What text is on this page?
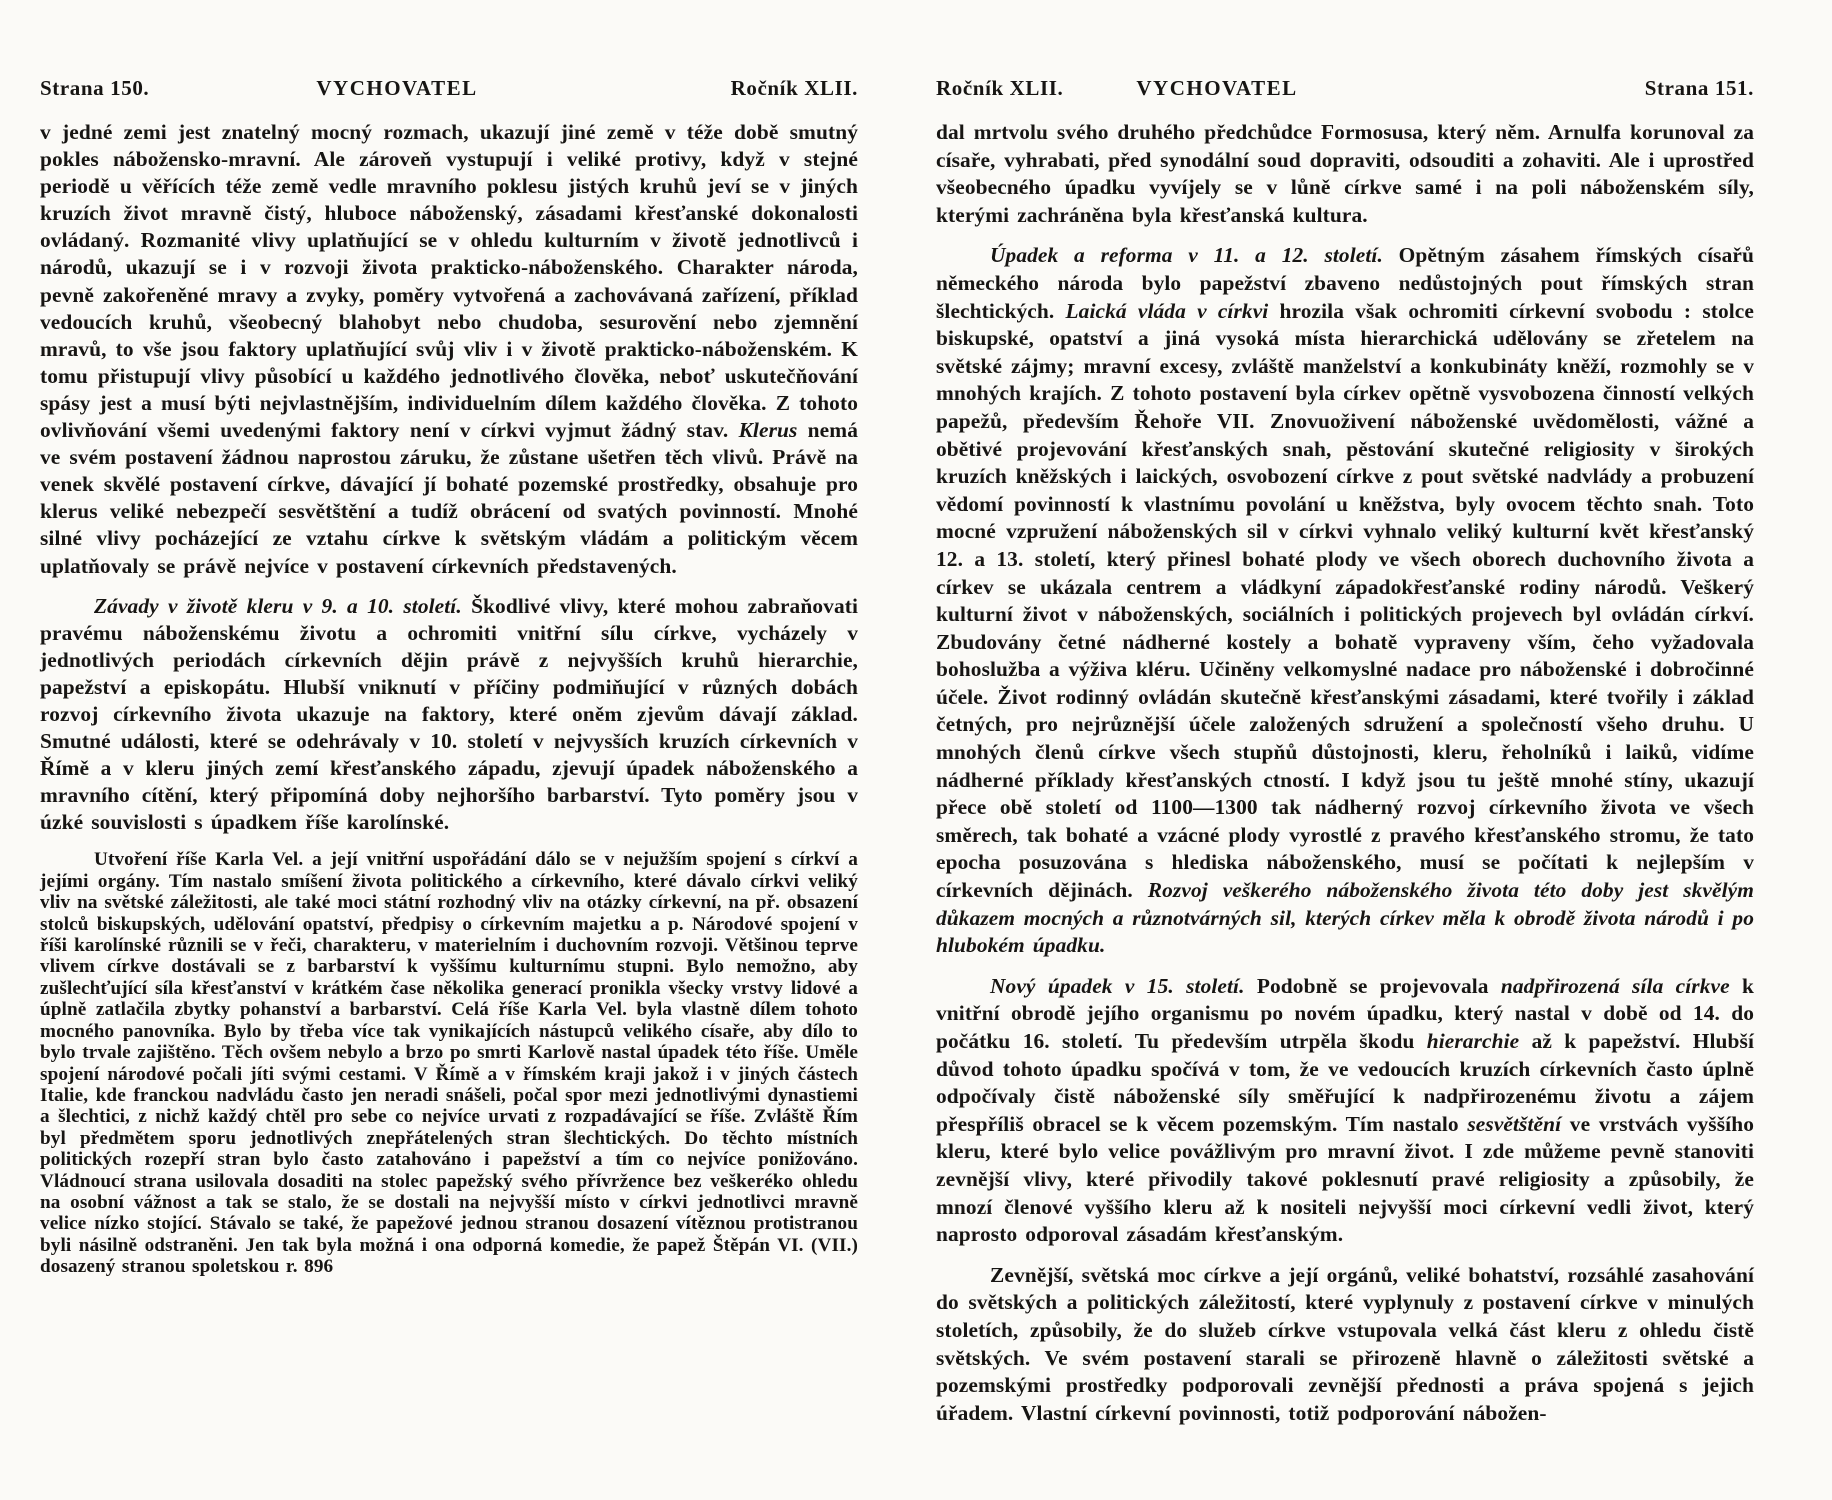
Strana 150.	VYCHOVATEL	Ročník XLII.

v jedné zemi jest znatelný mocný rozmach, ukazují jiné země v téže době smutný pokles nábožensko-mravní. Ale zároveň vystupují i veliké protivy, když v stejné periodě u věřících téže země vedle mravního poklesu jistých kruhů jeví se v jiných kruzích život mravně čistý, hluboce náboženský, zásadami křesťanské dokonalosti ovládaný. Rozmanité vlivy uplatňující se v ohledu kulturním v životě jednotlivců i národů, ukazují se i v rozvoji života prakticko-náboženského. Charakter národa, pevně zakořeněné mravy a zvyky, poměry vytvořená a zachovávaná zařízení, příklad vedoucích kruhů, všeobecný blahobyt nebo chudoba, sesurovění nebo zjemnění mravů, to vše jsou faktory uplatňující svůj vliv i v životě prakticko-náboženském. K tomu přistupují vlivy působící u každého jednotlivého člověka, neboť uskutečňování spásy jest a musí býti nejvlastnějším, individuelním dílem každého člověka. Z tohoto ovlivňování všemi uvedenými faktory není v církvi vyjmut žádný stav. Klerus nemá ve svém postavení žádnou naprostou záruku, že zůstane ušetřen těch vlivů. Právě na venek skvělé postavení církve, dávající jí bohaté pozemské prostředky, obsahuje pro klerus veliké nebezpečí sesvětštění a tudíž obrácení od svatých povinností. Mnohé silné vlivy pocházející ze vztahu církve k světským vládám a politickým věcem uplatňovaly se právě nejvíce v postavení církevních představených.

Závady v životě kleru v 9. a 10. století. Škodlivé vlivy, které mohou zabraňovati pravému náboženskému životu a ochromiti vnitřní sílu církve, vycházely v jednotlivých periodách církevních dějin právě z nejvyšších kruhů hierarchie, papežství a episkopátu. Hlubší vniknutí v příčiny podmiňující v různých dobách rozvoj církevního života ukazuje na faktory, které oněm zjevům dávají základ. Smutné události, které se odehrávaly v 10. století v nejvysších kruzích církevních v Římě a v kleru jiných zemí křesťanského západu, zjevují úpadek náboženského a mravního cítění, který připomíná doby nejhoršího barbarství. Tyto poměry jsou v úzké souvislosti s úpadkem říše karolínské.

Utvoření říše Karla Vel. a její vnitřní uspořádání dálo se v nejužším spojení s církví a jejími orgány. Tím nastalo smíšení života politického a církevního, které dávalo církvi veliký vliv na světské záležitosti, ale také moci státní rozhodný vliv na otázky církevní, na př. obsazení stolců biskupských, udělování opatství, předpisy o církevním majetku a p. Národové spojení v říši karolínské různili se v řeči, charakteru, v materielním i duchovním rozvoji. Většinou teprve vlivem církve dostávali se z barbarství k vyššímu kulturnímu stupni. Bylo nemožno, aby zušlechťující síla křesťanství v krátkém čase několika generací pronikla všecky vrstvy lidové a úplně zatlačila zbytky pohanství a barbarství. Celá říše Karla Vel. byla vlastně dílem tohoto mocného panovníka. Bylo by třeba více tak vynikajících nástupců velikého císaře, aby dílo to bylo trvale zajištěno. Těch ovšem nebylo a brzo po smrti Karlově nastal úpadek této říše. Uměle spojení národové počali jíti svými cestami. V Římě a v římském kraji jakož i v jiných částech Italie, kde franckou nadvládu často jen neradi snášeli, počal spor mezi jednotlivými dynastiemi a šlechtici, z nichž každý chtěl pro sebe co nejvíce urvati z rozpadávající se říše. Zvláště Řím byl předmětem sporu jednotlivých znepřátelených stran šlechtických. Do těchto místních politických rozepří stran bylo často zatahováno i papežství a tím co nejvíce ponižováno. Vládnoucí strana usilovala dosaditi na stolec papežský svého přívržence bez veškeréko ohledu na osobní vážnost a tak se stalo, že se dostali na nejvyšší místo v církvi jednotlivci mravně velice nízko stojící. Stávalo se také, že papežové jednou stranou dosazení vítěznou protistranou byli násilně odstraněni. Jen tak byla možná i ona odporná komedie, že papež Štěpán VI. (VII.) dosazený stranou spoletskou r. 896

Ročník XLII.	VYCHOVATEL	Strana 151.

dal mrtvolu svého druhého předchůdce Formosusa, který něm. Arnulfa korunoval za císaře, vyhrabati, před synodální soud dopraviti, odsouditi a zohaviti. Ale i uprostřed všeobecného úpadku vyvíjely se v lůně církve samé i na poli náboženském síly, kterými zachráněna byla křesťanská kultura.

Úpadek a reforma v 11. a 12. století. Opětným zásahem římských císařů německého národa bylo papežství zbaveno nedůstojných pout římských stran šlechtických. Laická vláda v církvi hrozila však ochromiti církevní svobodu : stolce biskupské, opatství a jiná vysoká místa hierarchická udělovány se zřetelem na světské zájmy; mravní excesy, zvláště manželství a konkubináty kněží, rozmohly se v mnohých krajích. Z tohoto postavení byla církev opětně vysvobozena činností velkých papežů, především Řehoře VII. Znovuoživení náboženské uvědomělosti, vážné a obětivé projevování křesťanských snah, pěstování skutečné religiosity v širokých kruzích kněžských i laických, osvobození církve z pout světské nadvlády a probuzení vědomí povinností k vlastnímu povolání u kněžstva, byly ovocem těchto snah. Toto mocné vzpružení náboženských sil v církvi vyhnalo veliký kulturní květ křesťanský 12. a 13. století, který přinesl bohaté plody ve všech oborech duchovního života a církev se ukázala centrem a vládkyní západokřesťanské rodiny národů. Veškerý kulturní život v náboženských, sociálních i politických projevech byl ovládán církví. Zbudovány četné nádherné kostely a bohatě vypraveny vším, čeho vyžadovala bohoslužba a výživa kléru. Učiněny velkomyslné nadace pro náboženské i dobročinné účele. Život rodinný ovládán skutečně křesťanskými zásadami, které tvořily i základ četných, pro nejrůznější účele založených sdružení a společností všeho druhu. U mnohých členů církve všech stupňů důstojnosti, kleru, řeholníků i laiků, vidíme nádherné příklady křesťanských ctností. I když jsou tu ještě mnohé stíny, ukazují přece obě století od 1100—1300 tak nádherný rozvoj církevního života ve všech směrech, tak bohaté a vzácné plody vyrostlé z pravého křesťanského stromu, že tato epocha posuzována s hlediska náboženského, musí se počítati k nejlepším v církevních dějinách. Rozvoj veškerého náboženského života této doby jest skvělým důkazem mocných a různotvárných sil, kterých církev měla k obrodě života národů i po hlubokém úpadku.

Nový úpadek v 15. století. Podobně se projevovala nadpřirozená síla církve k vnitřní obrodě jejího organismu po novém úpadku, který nastal v době od 14. do počátku 16. století. Tu především utrpěla škodu hierarchie až k papežství. Hlubší důvod tohoto úpadku spočívá v tom, že ve vedoucích kruzích církevních často úplně odpočívaly čistě náboženské síly směřující k nadpřirozenému životu a zájem přespříliš obracel se k věcem pozemským. Tím nastalo sesvětštění ve vrstvách vyššího kleru, které bylo velice povážlivým pro mravní život. I zde můžeme pevně stanoviti zevnější vlivy, které přivodily takové poklesnutí pravé religiosity a způsobily, že mnozí členové vyššího kleru až k nositeli nejvyšší moci církevní vedli život, který naprosto odporoval zásadám křesťanským.

Zevnější, světská moc církve a její orgánů, veliké bohatství, rozsáhlé zasahování do světských a politických záležitostí, které vyplynuly z postavení církve v minulých stoletích, způsobily, že do služeb církve vstupovala velká část kleru z ohledu čistě světských. Ve svém postavení starali se přirozeně hlavně o záležitosti světské a pozemskými prostředky podporovali zevnější přednosti a práva spojená s jejich úřadem. Vlastní církevní povinnosti, totiž podporování nábožen-
